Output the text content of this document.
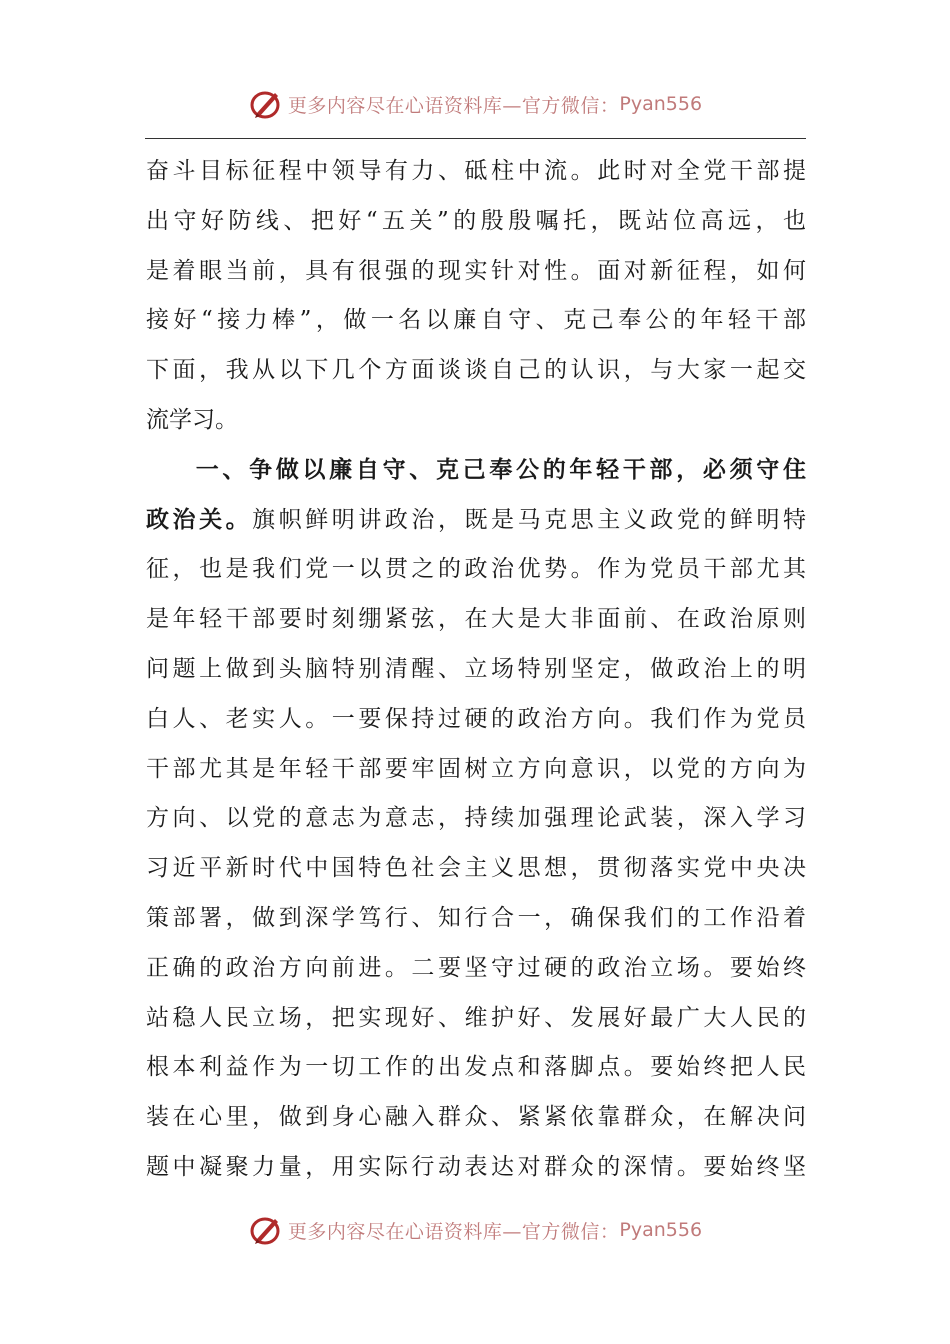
更多内容尽在心语资料库—官方微信： Pyan556
奋斗目标征程中领导有力、砥柱中流。此时对全党干部提
出守好防线、把好“五关”的殷殷嘱托，既站位高远，也
是着眼当前，具有很强的现实针对性。面对新征程，如何
接好“接力棒”，做一名以廉自守、克己奉公的年轻干部
下面，我从以下几个方面谈谈自己的认识，与大家一起交
流学习。
一、争做以廉自守、克己奉公的年轻干部，必须守住
政治关。旗帜鲜明讲政治，既是马克思主义政党的鲜明特
征，也是我们党一以贯之的政治优势。作为党员干部尤其
是年轻干部要时刻绷紧弦，在大是大非面前、在政治原则
问题上做到头脑特别清醒、立场特别坚定，做政治上的明
白人、老实人。一要保持过硬的政治方向。我们作为党员
干部尤其是年轻干部要牢固树立方向意识，以党的方向为
方向、以党的意志为意志，持续加强理论武装，深入学习
习近平新时代中国特色社会主义思想，贯彻落实党中央决
策部署，做到深学笃行、知行合一，确保我们的工作沿着
正确的政治方向前进。二要坚守过硬的政治立场。要始终
站稳人民立场，把实现好、维护好、发展好最广大人民的
根本利益作为一切工作的出发点和落脚点。要始终把人民
装在心里，做到身心融入群众、紧紧依靠群众，在解决问
题中凝聚力量，用实际行动表达对群众的深情。要始终坚
更多内容尽在心语资料库—官方微信： Pyan556
